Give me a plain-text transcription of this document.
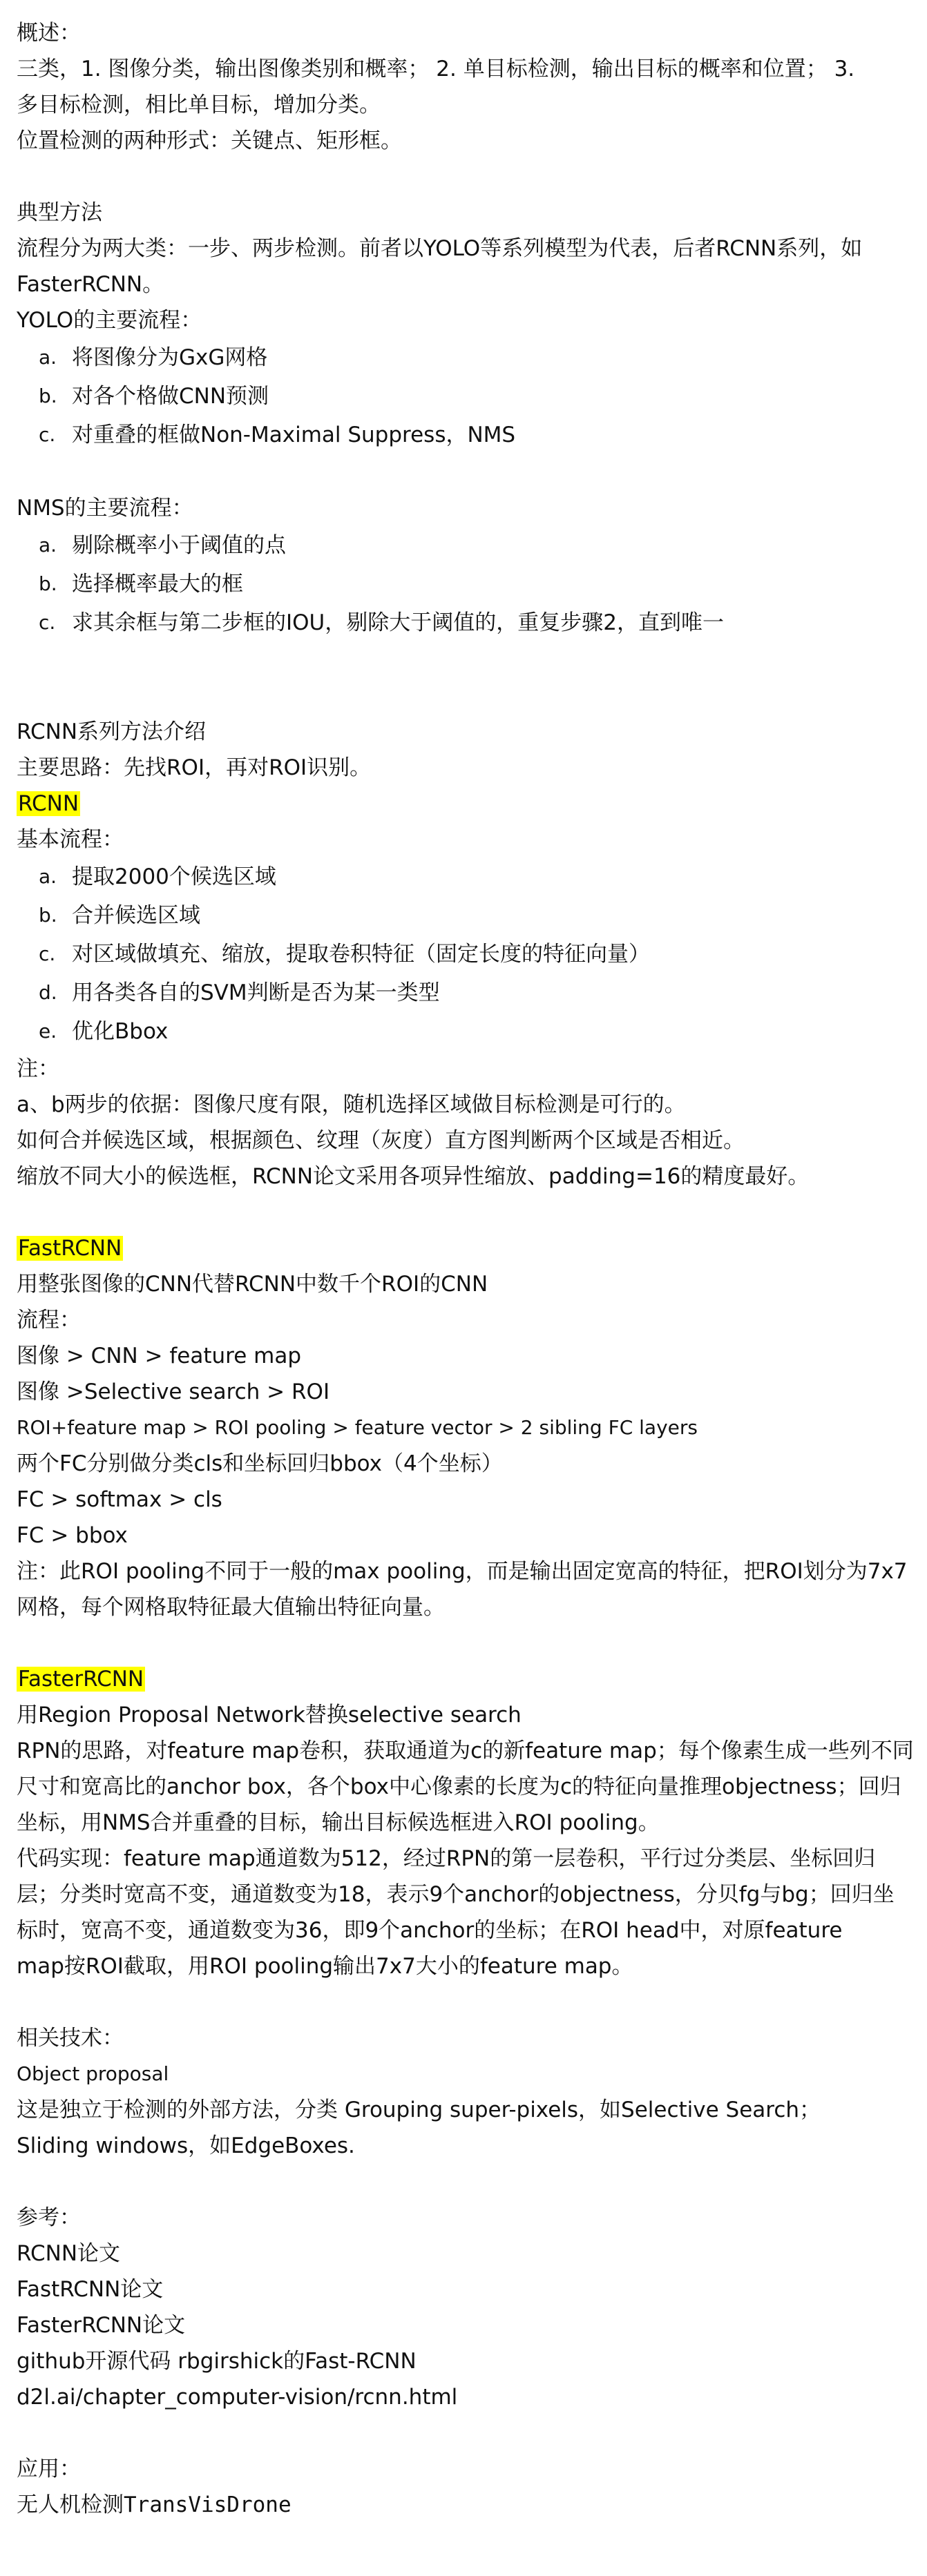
概述：
三类，1. 图像分类，输出图像类别和概率； 2. 单目标检测，输出目标的概率和位置； 3.
多目标检测，相比单目标，增加分类。
位置检测的两种形式：关键点、矩形框。
典型方法
流程分为两大类：一步、两步检测。前者以YOLO等系列模型为代表，后者RCNN系列，如
FasterRCNN。
YOLO的主要流程：
a. 将图像分为GxG网格
b. 对各个格做CNN预测
c. 对重叠的框做Non-Maximal Suppress，NMS
NMS的主要流程：
a. 剔除概率小于阈值的点
b. 选择概率最大的框
c. 求其余框与第二步框的IOU，剔除大于阈值的，重复步骤2，直到唯一
RCNN系列方法介绍
主要思路：先找ROI，再对ROI识别。
RCNN
基本流程：
a. 提取2000个候选区域
b. 合并候选区域
c. 对区域做填充、缩放，提取卷积特征（固定长度的特征向量）
d. 用各类各自的SVM判断是否为某一类型
e. 优化Bbox
注：
a、b两步的依据：图像尺度有限，随机选择区域做目标检测是可行的。
如何合并候选区域，根据颜色、纹理（灰度）直方图判断两个区域是否相近。
缩放不同大小的候选框，RCNN论文采用各项异性缩放、padding=16的精度最好。
FastRCNN
用整张图像的CNN代替RCNN中数千个ROI的CNN
流程：
图像 > CNN > feature map
图像 >Selective search > ROI
ROI+feature map > ROI pooling > feature vector > 2 sibling FC layers
两个FC分别做分类cls和坐标回归bbox（4个坐标）
FC > softmax > cls
FC > bbox
注：此ROI pooling不同于一般的max pooling，而是输出固定宽高的特征，把ROI划分为7x7
网格，每个网格取特征最大值输出特征向量。
FasterRCNN
用Region Proposal Network替换selective search
RPN的思路，对feature map卷积，获取通道为c的新feature map；每个像素生成一些列不同
尺寸和宽高比的anchor box，各个box中心像素的长度为c的特征向量推理objectness；回归
坐标，用NMS合并重叠的目标，输出目标候选框进入ROI pooling。
代码实现：feature map通道数为512，经过RPN的第一层卷积，平行过分类层、坐标回归
层；分类时宽高不变，通道数变为18，表示9个anchor的objectness，分贝fg与bg；回归坐
标时，宽高不变，通道数变为36，即9个anchor的坐标；在ROI head中，对原feature
map按ROI截取，用ROI pooling输出7x7大小的feature map。
相关技术：
Object proposal
这是独立于检测的外部方法，分类 Grouping super-pixels，如Selective Search；
Sliding windows，如EdgeBoxes.
参考：
RCNN论文
FastRCNN论文
FasterRCNN论文
github开源代码 rbgirshick的Fast-RCNN
d2l.ai/chapter_computer-vision/rcnn.html
应用：
无人机检测TransVisDrone
